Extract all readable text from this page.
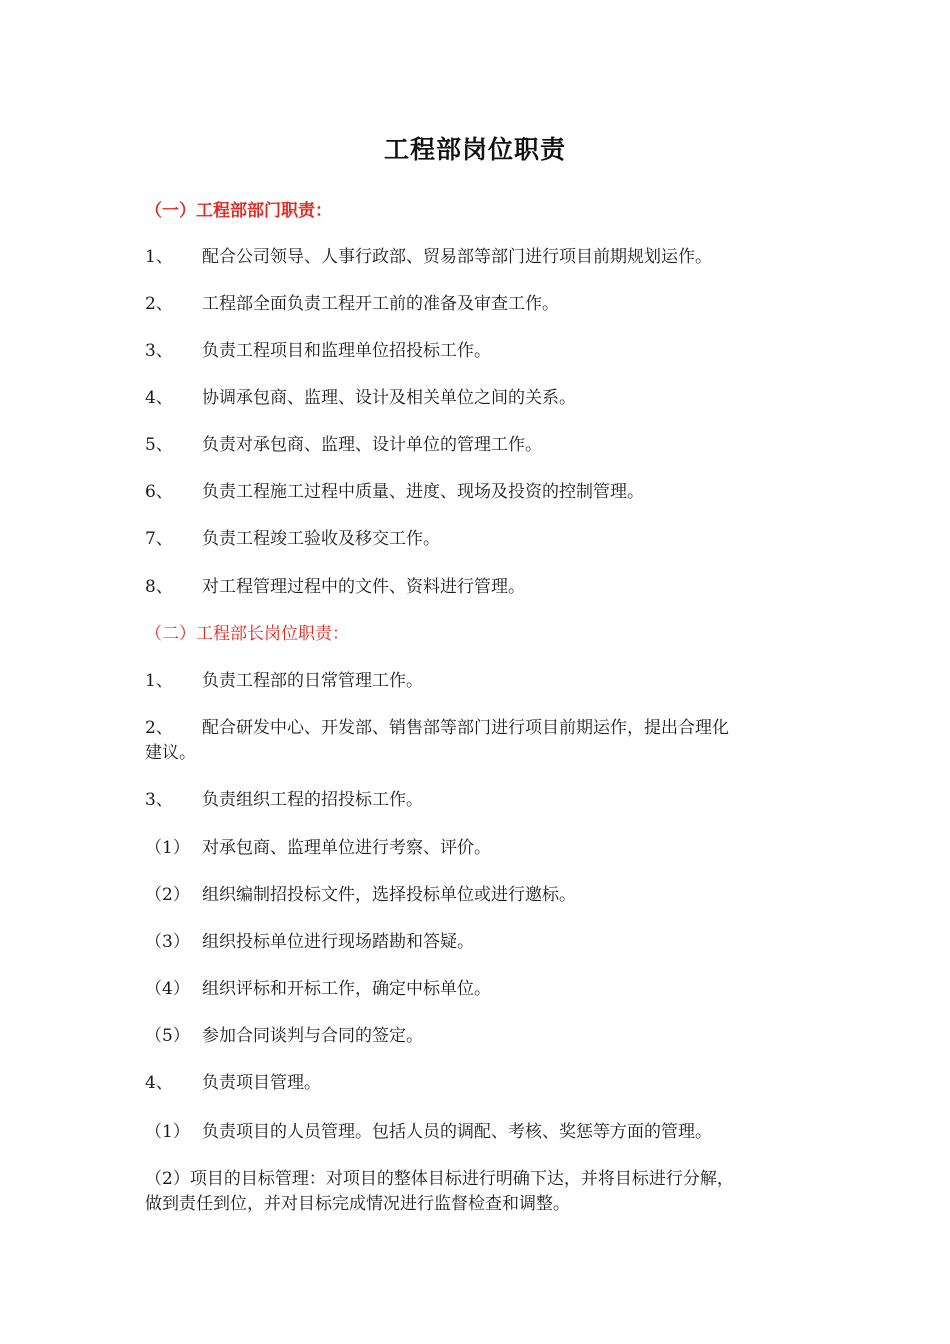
工程部岗位职责
（一）工程部部门职责：
1、 配合公司领导、人事行政部、贸易部等部门进行项目前期规划运作。
2、 工程部全面负责工程开工前的准备及审查工作。
3、 负责工程项目和监理单位招投标工作。
4、 协调承包商、监理、设计及相关单位之间的关系。
5、 负责对承包商、监理、设计单位的管理工作。
6、 负责工程施工过程中质量、进度、现场及投资的控制管理。
7、 负责工程竣工验收及移交工作。
8、 对工程管理过程中的文件、资料进行管理。
（二）工程部长岗位职责：
1、 负责工程部的日常管理工作。
2、 配合研发中心、开发部、销售部等部门进行项目前期运作，提出合理化
建议。
3、 负责组织工程的招投标工作。
（1） 对承包商、监理单位进行考察、评价。
（2） 组织编制招投标文件，选择投标单位或进行邀标。
（3） 组织投标单位进行现场踏勘和答疑。
（4） 组织评标和开标工作，确定中标单位。
（5） 参加合同谈判与合同的签定。
4、 负责项目管理。
（1） 负责项目的人员管理。包括人员的调配、考核、奖惩等方面的管理。
（2）项目的目标管理：对项目的整体目标进行明确下达，并将目标进行分解，
做到责任到位，并对目标完成情况进行监督检查和调整。
